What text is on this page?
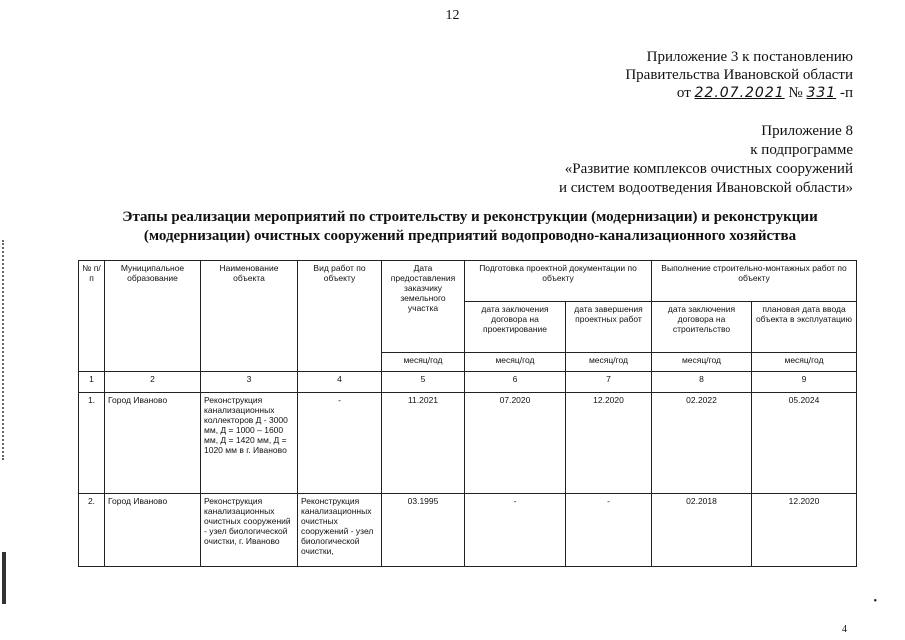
12
Приложение 3 к постановлению
Правительства Ивановской области
от 22.07.2021 № 331 -п
Приложение 8
к подпрограмме
«Развитие комплексов очистных сооружений
и систем водоотведения Ивановской области»
Этапы реализации мероприятий по строительству и реконструкции (модернизации) и реконструкции
(модернизации) очистных сооружений предприятий водопроводно-канализационного хозяйства
№ п/п	Муниципальное образование	Наименование объекта	Вид работ по объекту	Дата предоставления заказчику земельного участка	Подготовка проектной документации по объекту		Выполнение строительно-монтажных работ по объекту	
					дата заключения договора на проектирование	дата завершения проектных работ	дата заключения договора на строительство	плановая дата ввода объекта в эксплуатацию
				месяц/год	месяц/год	месяц/год	месяц/год	месяц/год
1	2	3	4	5	6	7	8	9
1.	Город Иваново	Реконструкция канализационных коллекторов Д - 3000 мм, Д = 1000 – 1600 мм, Д = 1420 мм, Д = 1020 мм в г. Иваново	-	11.2021	07.2020	12.2020	02.2022	05.2024
2.	Город Иваново	Реконструкция канализационных очистных сооружений - узел биологической очистки, г. Иваново	Реконструкция канализационных очистных сооружений - узел биологической очистки,	03.1995	-	-	02.2018	12.2020
•
4
